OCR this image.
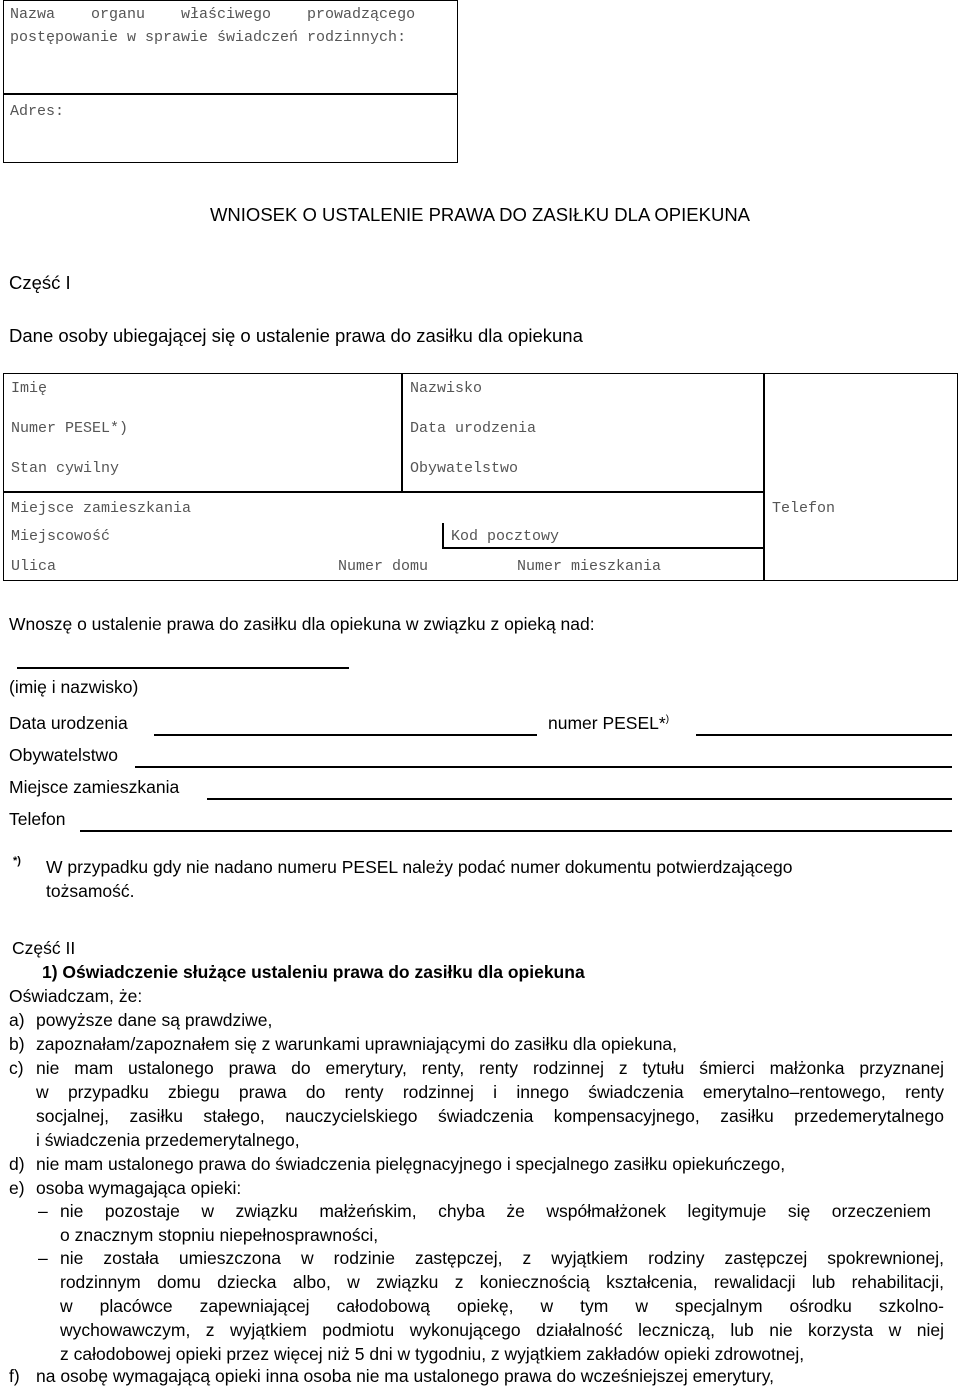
Nazwa    organu    właściwego    prowadzącego
postępowanie w sprawie świadczeń rodzinnych:
Adres:
WNIOSEK O USTALENIE PRAWA DO ZASIŁKU DLA OPIEKUNA
Część I
Dane osoby ubiegającej się o ustalenie prawa do zasiłku dla opiekuna
Imię	Nazwisko
Numer PESEL*)	Data urodzenia
Stan cywilny	Obywatelstwo
Miejsce zamieszkania	Telefon
Miejscowość	Kod pocztowy
Ulica	Numer domu	Numer mieszkania
Wnoszę o ustalenie prawa do zasiłku dla opiekuna w związku z opieką nad:
(imię i nazwisko)
Data urodzenia	numer PESEL*)
Obywatelstwo
Miejsce zamieszkania
Telefon
*) W przypadku gdy nie nadano numeru PESEL należy podać numer dokumentu potwierdzającego
tożsamość.
Część II
1) Oświadczenie służące ustaleniu prawa do zasiłku dla opiekuna
Oświadczam, że:
a) powyższe dane są prawdziwe,
b) zapoznałam/zapoznałem się z warunkami uprawniającymi do zasiłku dla opiekuna,
c) nie mam ustalonego prawa do emerytury, renty, renty rodzinnej z tytułu śmierci małżonka przyznanej
w przypadku zbiegu prawa do renty rodzinnej i innego świadczenia emerytalno–rentowego, renty
socjalnej, zasiłku stałego, nauczycielskiego świadczenia kompensacyjnego, zasiłku przedemerytalnego
i świadczenia przedemerytalnego,
d) nie mam ustalonego prawa do świadczenia pielęgnacyjnego i specjalnego zasiłku opiekuńczego,
e) osoba wymagająca opieki:
– nie pozostaje w związku małżeńskim, chyba że współmałżonek legitymuje się orzeczeniem
o znacznym stopniu niepełnosprawności,
– nie została umieszczona w rodzinie zastępczej, z wyjątkiem rodziny zastępczej spokrewnionej,
rodzinnym domu dziecka albo, w związku z koniecznością kształcenia, rewalidacji lub rehabilitacji,
w placówce zapewniającej całodobową opiekę, w tym w specjalnym ośrodku szkolno-
wychowawczym, z wyjątkiem podmiotu wykonującego działalność leczniczą, lub nie korzysta w niej
z całodobowej opieki przez więcej niż 5 dni w tygodniu, z wyjątkiem zakładów opieki zdrowotnej,
f) na osobę wymagającą opieki inna osoba nie ma ustalonego prawa do wcześniejszej emerytury,
